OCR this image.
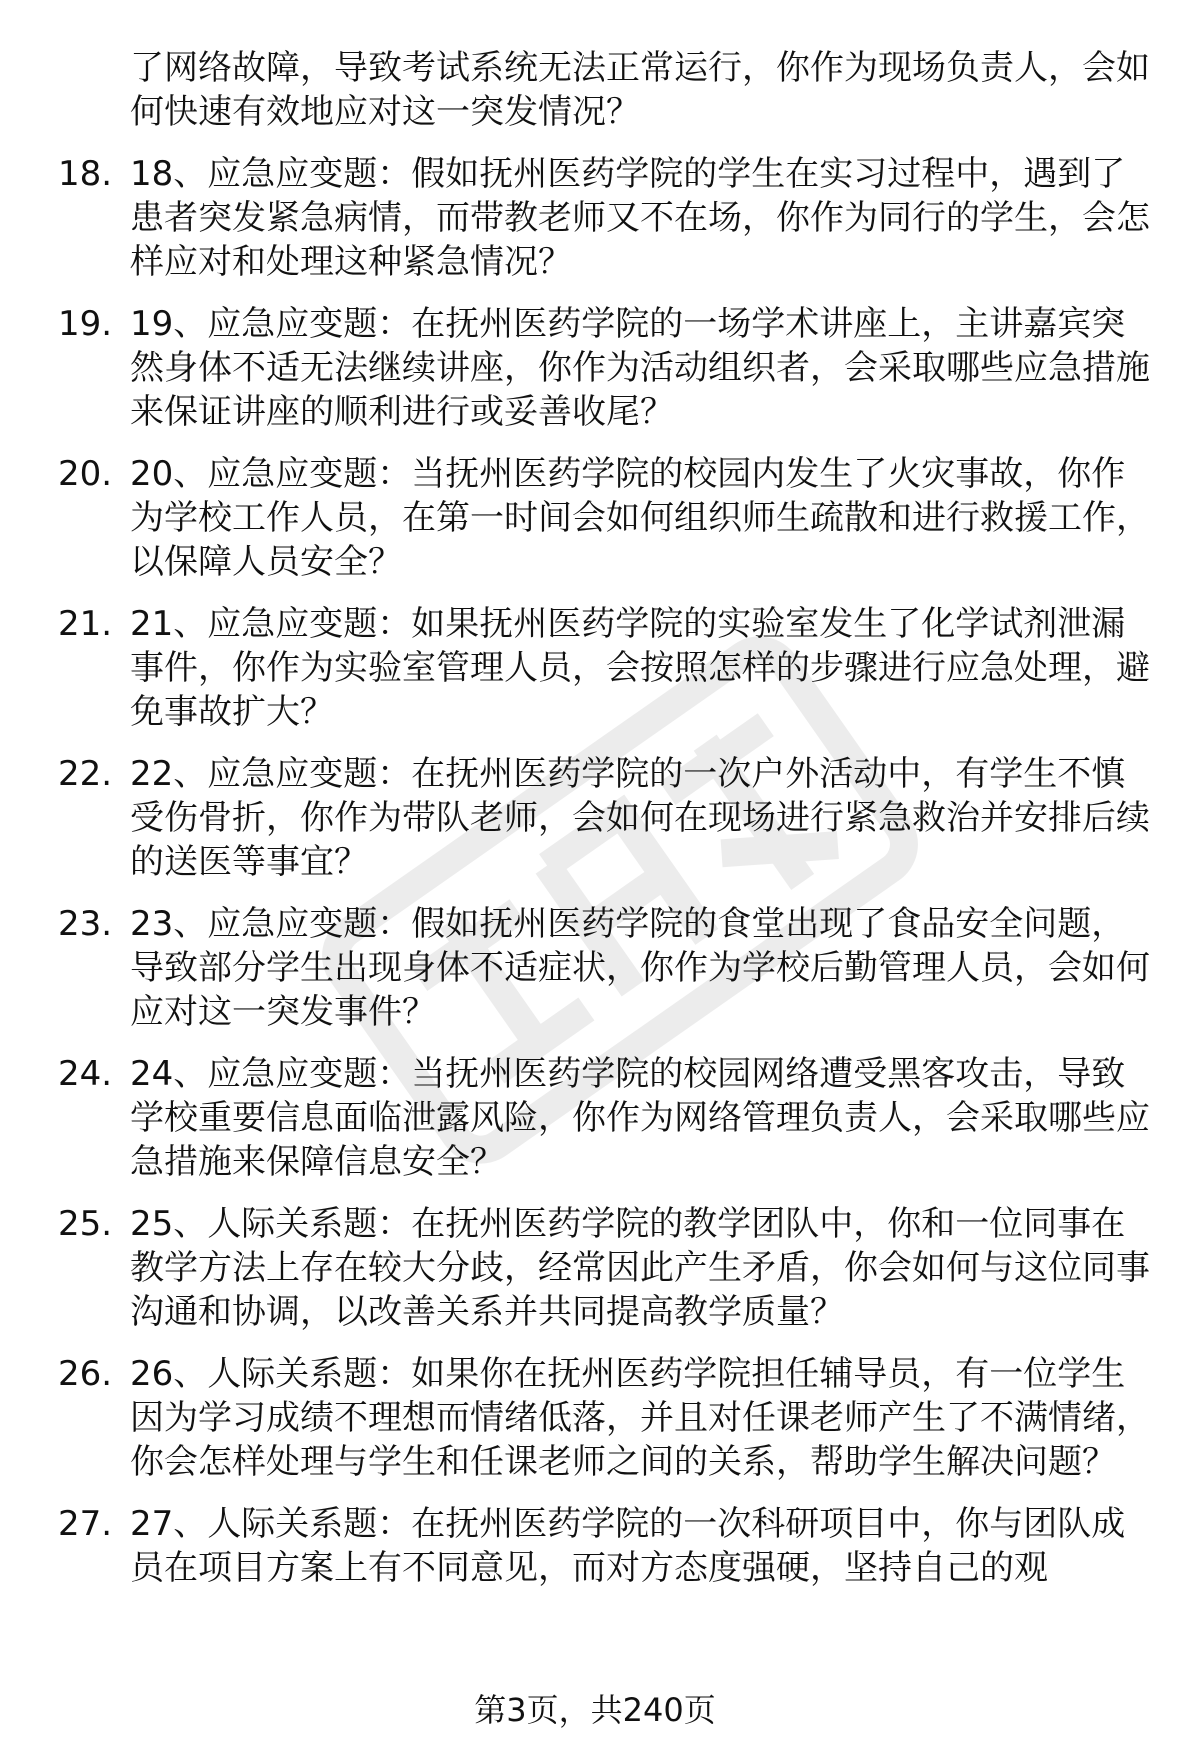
了网络故障，导致考试系统无法正常运行，你作为现场负责人，会如何快速有效地应对这一突发情况？
18. 18、应急应变题：假如抚州医药学院的学生在实习过程中，遇到了患者突发紧急病情，而带教老师又不在场，你作为同行的学生，会怎样应对和处理这种紧急情况？
19. 19、应急应变题：在抚州医药学院的一场学术讲座上，主讲嘉宾突然身体不适无法继续讲座，你作为活动组织者，会采取哪些应急措施来保证讲座的顺利进行或妥善收尾？
20. 20、应急应变题：当抚州医药学院的校园内发生了火灾事故，你作为学校工作人员，在第一时间会如何组织师生疏散和进行救援工作，以保障人员安全？
21. 21、应急应变题：如果抚州医药学院的实验室发生了化学试剂泄漏事件，你作为实验室管理人员，会按照怎样的步骤进行应急处理，避免事故扩大？
22. 22、应急应变题：在抚州医药学院的一次户外活动中，有学生不慎受伤骨折，你作为带队老师，会如何在现场进行紧急救治并安排后续的送医等事宜？
23. 23、应急应变题：假如抚州医药学院的食堂出现了食品安全问题，导致部分学生出现身体不适症状，你作为学校后勤管理人员，会如何应对这一突发事件？
24. 24、应急应变题：当抚州医药学院的校园网络遭受黑客攻击，导致学校重要信息面临泄露风险，你作为网络管理负责人，会采取哪些应急措施来保障信息安全？
25. 25、人际关系题：在抚州医药学院的教学团队中，你和一位同事在教学方法上存在较大分歧，经常因此产生矛盾，你会如何与这位同事沟通和协调，以改善关系并共同提高教学质量？
26. 26、人际关系题：如果你在抚州医药学院担任辅导员，有一位学生因为学习成绩不理想而情绪低落，并且对任课老师产生了不满情绪，你会怎样处理与学生和任课老师之间的关系，帮助学生解决问题？
27. 27、人际关系题：在抚州医药学院的一次科研项目中，你与团队成员在项目方案上有不同意见，而对方态度强硬，坚持自己的观
第3页，共240页
